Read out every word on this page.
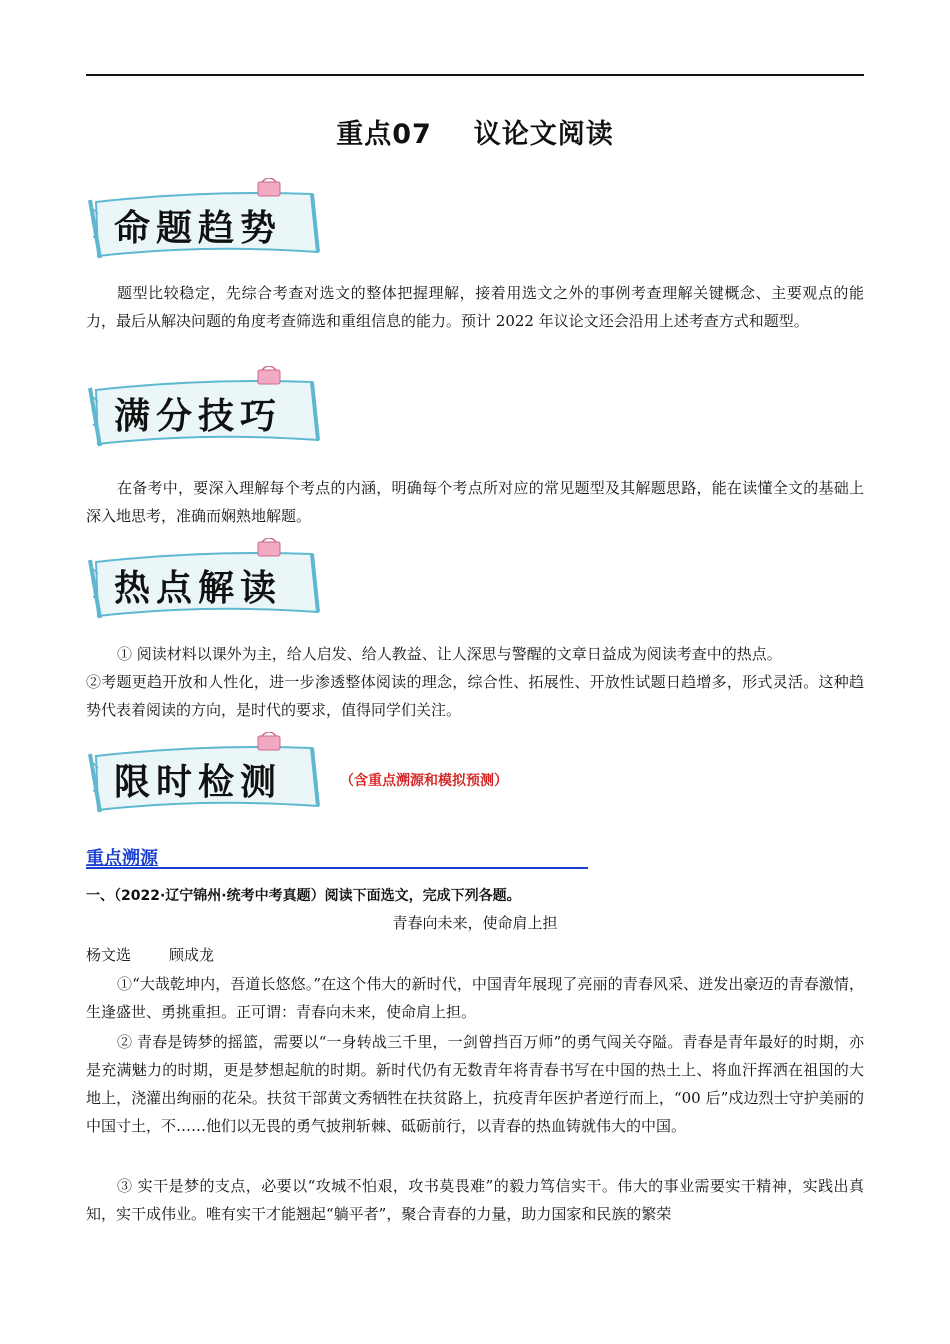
重点07 议论文阅读
命题趋势

题型比较稳定，先综合考查对选文的整体把握理解，接着用选文之外的事例考查理解关键概念、主要观点的能力，最后从解决问题的角度考查筛选和重组信息的能力。预计 2022 年议论文还会沿用上述考查方式和题型。

满分技巧

在备考中，要深入理解每个考点的内涵，明确每个考点所对应的常见题型及其解题思路，能在读懂全文的基础上深入地思考，准确而娴熟地解题。

热点解读

① 阅读材料以课外为主，给人启发、给人教益、让人深思与警醒的文章日益成为阅读考查中的热点。

②考题更趋开放和人性化，进一步渗透整体阅读的理念，综合性、拓展性、开放性试题日趋增多，形式灵活。这种趋势代表着阅读的方向，是时代的要求，值得同学们关注。

限时检测	（含重点溯源和模拟预测）
重点溯源
一、（2022·辽宁锦州·统考中考真题）阅读下面选文，完成下列各题。
青春向未来，使命肩上担
杨文选	顾成龙

①“大哉乾坤内，吾道长悠悠。”在这个伟大的新时代，中国青年展现了亮丽的青春风采、迸发出豪迈的青春激情，生逢盛世、勇挑重担。正可谓：青春向未来，使命肩上担。

② 青春是铸梦的摇篮，需要以“一身转战三千里，一剑曾挡百万师”的勇气闯关夺隘。青春是青年最好的时期，亦是充满魅力的时期，更是梦想起航的时期。新时代仍有无数青年将青春书写在中国的热土上、将血汗挥洒在祖国的大地上，浇灌出绚丽的花朵。扶贫干部黄文秀牺牲在扶贫路上，抗疫青年医护者逆行而上，“00 后”戍边烈士守护美丽的中国寸土，不……他们以无畏的勇气披荆斩棘、砥砺前行，以青春的热血铸就伟大的中国。

③ 实干是梦的支点，必要以“攻城不怕艰，攻书莫畏难”的毅力笃信实干。伟大的事业需要实干精神，实践出真知，实干成伟业。唯有实干才能翘起“躺平者”，聚合青春的力量，助力国家和民族的繁荣
